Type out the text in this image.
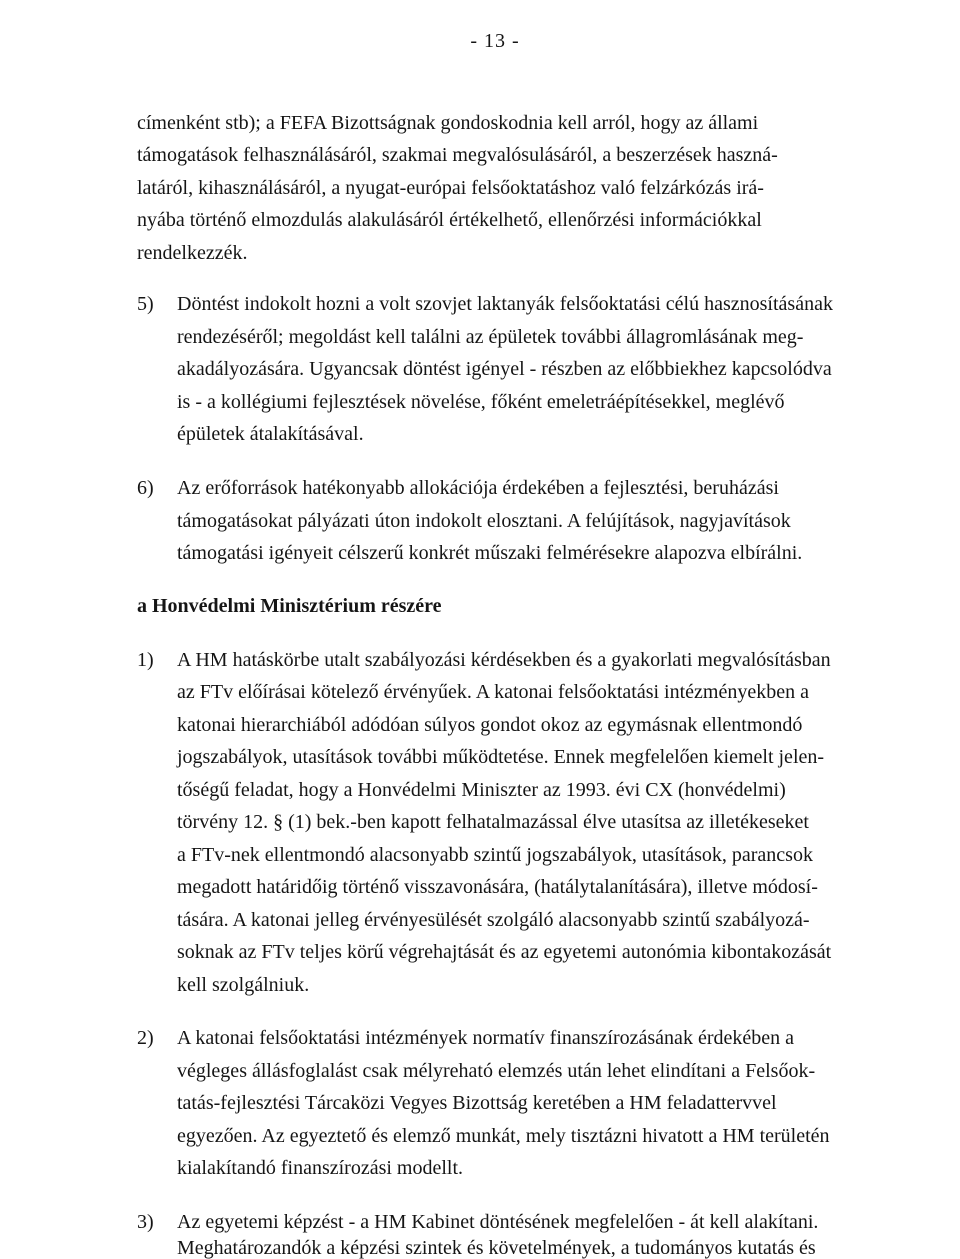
- 13 -
címenként stb); a FEFA Bizottságnak gondoskodnia kell arról, hogy az állami
támogatások felhasználásáról, szakmai megvalósulásáról, a beszerzések haszná-
latáról, kihasználásáról, a nyugat-európai felsőoktatáshoz való felzárkózás irá-
nyába történő elmozdulás alakulásáról értékelhető, ellenőrzési információkkal
rendelkezzék.
5) Döntést indokolt hozni a volt szovjet laktanyák felsőoktatási célú hasznosításának
rendezéséről; megoldást kell találni az épületek további állagromlásának meg-
akadályozására. Ugyancsak döntést igényel - részben az előbbiekhez kapcsolódva
is - a kollégiumi fejlesztések növelése, főként emeletráépítésekkel, meglévő
épületek átalakításával.
6) Az erőforrások hatékonyabb allokációja érdekében a fejlesztési, beruházási
támogatásokat pályázati úton indokolt elosztani. A felújítások, nagyjavítások
támogatási igényeit célszerű konkrét műszaki felmérésekre alapozva elbírálni.
a Honvédelmi Minisztérium részére
1) A HM hatáskörbe utalt szabályozási kérdésekben és a gyakorlati megvalósításban
az FTv előírásai kötelező érvényűek. A katonai felsőoktatási intézményekben a
katonai hierarchiából adódóan súlyos gondot okoz az egymásnak ellentmondó
jogszabályok, utasítások további működtetése. Ennek megfelelően kiemelt jelen-
tőségű feladat, hogy a Honvédelmi Miniszter az 1993. évi CX (honvédelmi)
törvény 12. § (1) bek.-ben kapott felhatalmazással élve utasítsa az illetékeseket
a FTv-nek ellentmondó alacsonyabb szintű jogszabályok, utasítások, parancsok
megadott határidőig történő visszavonására, (hatálytalanítására), illetve módosí-
tására. A katonai jelleg érvényesülését szolgáló alacsonyabb szintű szabályozá-
soknak az FTv teljes körű végrehajtását és az egyetemi autonómia kibontakozását
kell szolgálniuk.
2) A katonai felsőoktatási intézmények normatív finanszírozásának érdekében a
végleges állásfoglalást csak mélyreható elemzés után lehet elindítani a Felsőok-
tatás-fejlesztési Tárcaközi Vegyes Bizottság keretében a HM feladattervvel
egyezően. Az egyeztető és elemző munkát, mely tisztázni hivatott a HM területén
kialakítandó finanszírozási modellt.
3) Az egyetemi képzést - a HM Kabinet döntésének megfelelően - át kell alakítani.
Meghatározandók a képzési szintek és követelmények, a tudományos kutatás és
